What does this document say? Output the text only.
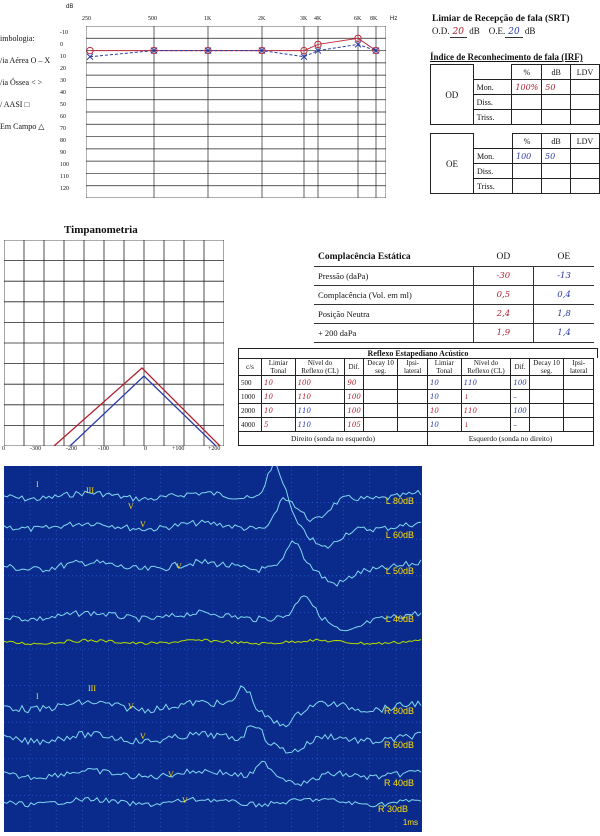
dB
Hz
250	500	1K	2K	3K 4K	6K 8K
-10
0
10
20
30
40
50
60
70
80
90
100
110
120
imbologia:
/ia Aérea O – X
/ia Óssea < >
/ AASI □
Em Campo △
Limiar de Recepção de fala (SRT)
O.D. 20 dB O.E. 20 dB
Índice de Reconhecimento de fala (IRF)
OD		%	dB	LDV
	Mon.	100%	50	
	Diss.			
	Triss.			
OE		%	dB	LDV
	Mon.	100	50	
	Diss.			
	Triss.			
Timpanometria
0	-300	-200	-100	0	+100	+200
Complacência Estática	OD	OE
Pressão (daPa)	-30	-13
Complacência (Vol. em ml)	0,5	0,4
Posição Neutra	2,4	1,8
+ 200 daPa	1,9	1,4
Reflexo Estapediano Acústico
c/s	Limiar Tonal	Nível do Reflexo (CL)	Dif.	Decay 10 seg.	Ipsi-lateral	Limiar Tonal	Nível do Reflexo (CL)	Dif.	Decay 10 seg.	Ipsi-lateral
500	10	100	90			10	110	100		
1000	10	110	100			10	↓	–		
2000	10	110	100			10	110	100		
4000	5	110	105			10	↓	–		
Direito (sonda no esquerdo)						Esquerdo (sonda no direito)				
L 80dB
L 60dB
L 50dB
L 40dB
R 80dB
R 60dB
R 40dB
R 30dB
1ms
I
III
V
V
V
I
III
V
V
V
V
